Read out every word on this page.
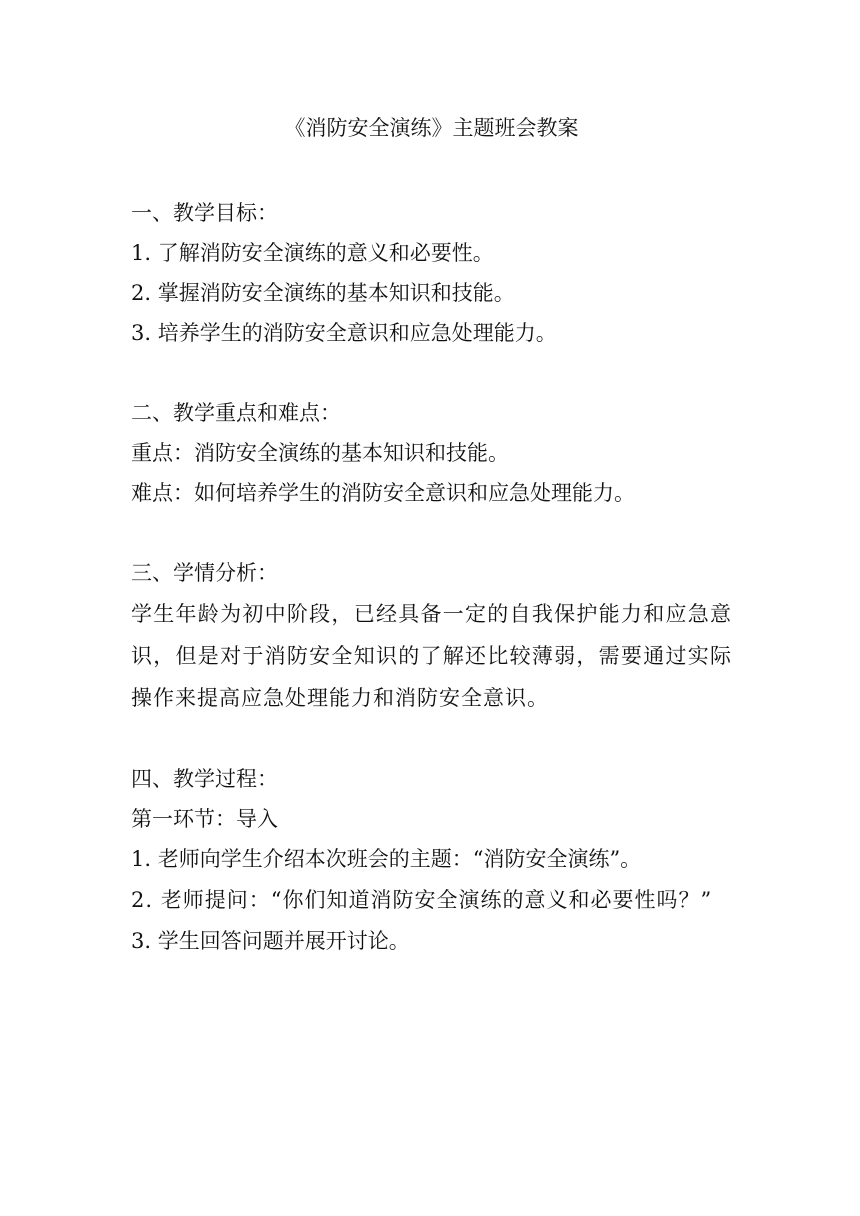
《消防安全演练》主题班会教案

一、教学目标：

1. 了解消防安全演练的意义和必要性。

2. 掌握消防安全演练的基本知识和技能。

3. 培养学生的消防安全意识和应急处理能力。

二、教学重点和难点：

重点：消防安全演练的基本知识和技能。

难点：如何培养学生的消防安全意识和应急处理能力。

三、学情分析：

学生年龄为初中阶段，已经具备一定的自我保护能力和应急意识，但是对于消防安全知识的了解还比较薄弱，需要通过实际操作来提高应急处理能力和消防安全意识。

四、教学过程：

第一环节：导入

1. 老师向学生介绍本次班会的主题：“消防安全演练”。

2. 老师提问：“你们知道消防安全演练的意义和必要性吗？”

3. 学生回答问题并展开讨论。
